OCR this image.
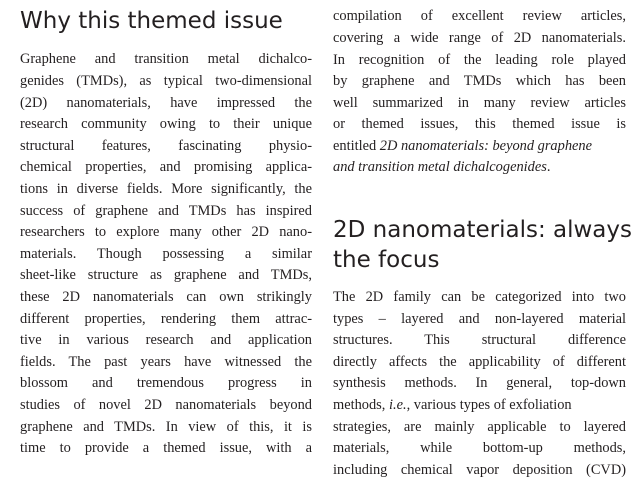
Why this themed issue
Graphene and transition metal dichalco-
genides (TMDs), as typical two-dimensional
(2D) nanomaterials, have impressed the
research community owing to their unique
structural features, fascinating physio-
chemical properties, and promising applica-
tions in diverse fields. More significantly, the
success of graphene and TMDs has inspired
researchers to explore many other 2D nano-
materials. Though possessing a similar
sheet-like structure as graphene and TMDs,
these 2D nanomaterials can own strikingly
different properties, rendering them attrac-
tive in various research and application
fields. The past years have witnessed the
blossom and tremendous progress in
studies of novel 2D nanomaterials beyond
graphene and TMDs. In view of this, it is
time to provide a themed issue, with a
compilation of excellent review articles,
covering a wide range of 2D nanomaterials.
In recognition of the leading role played
by graphene and TMDs which has been
well summarized in many review articles
or themed issues, this themed issue is
entitled 2D nanomaterials: beyond graphene
and transition metal dichalcogenides.
2D nanomaterials: always
the focus
The 2D family can be categorized into two
types – layered and non-layered material
structures. This structural difference
directly affects the applicability of different
synthesis methods. In general, top-down
methods, i.e., various types of exfoliation
strategies, are mainly applicable to layered
materials, while bottom-up methods,
including chemical vapor deposition (CVD)
